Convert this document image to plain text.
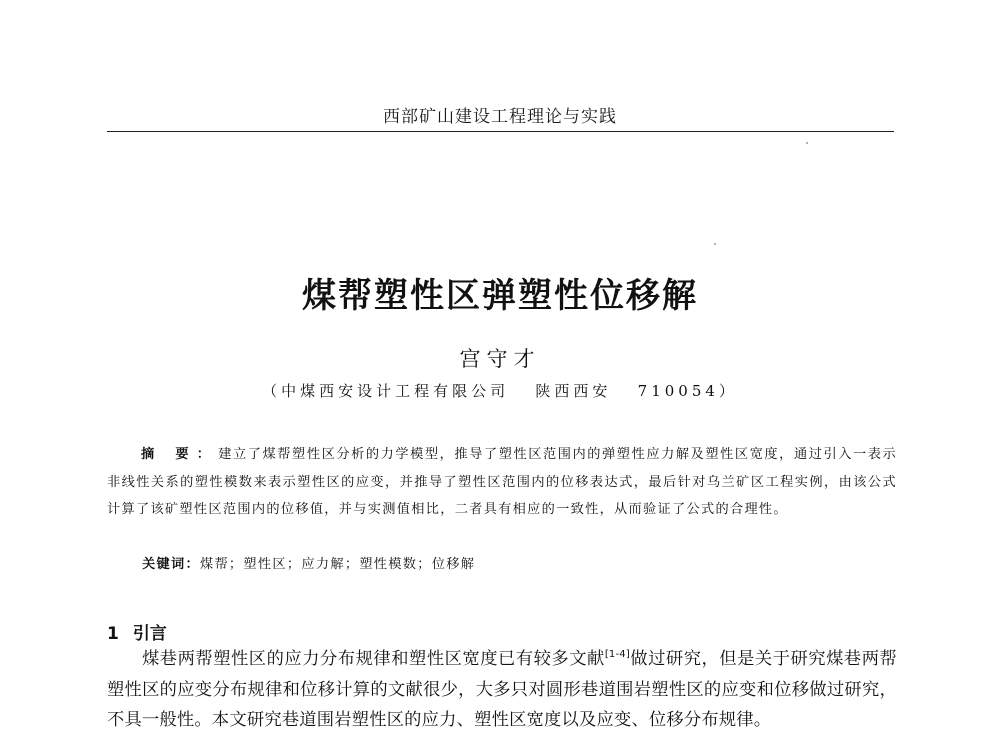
西部矿山建设工程理论与实践
煤帮塑性区弹塑性位移解
宫守才
（中煤西安设计工程有限公司   陕西西安   710054）
摘 要：建立了煤帮塑性区分析的力学模型，推导了塑性区范围内的弹塑性应力解及塑性区宽度，通过引入一表示非线性关系的塑性模数来表示塑性区的应变，并推导了塑性区范围内的位移表达式，最后针对乌兰矿区工程实例，由该公式计算了该矿塑性区范围内的位移值，并与实测值相比，二者具有相应的一致性，从而验证了公式的合理性。
关键词：煤帮；塑性区；应力解；塑性模数；位移解
1 引言
煤巷两帮塑性区的应力分布规律和塑性区宽度已有较多文献[1-4]做过研究，但是关于研究煤巷两帮塑性区的应变分布规律和位移计算的文献很少，大多只对圆形巷道围岩塑性区的应变和位移做过研究，不具一般性。本文研究巷道围岩塑性区的应力、塑性区宽度以及应变、位移分布规律。
